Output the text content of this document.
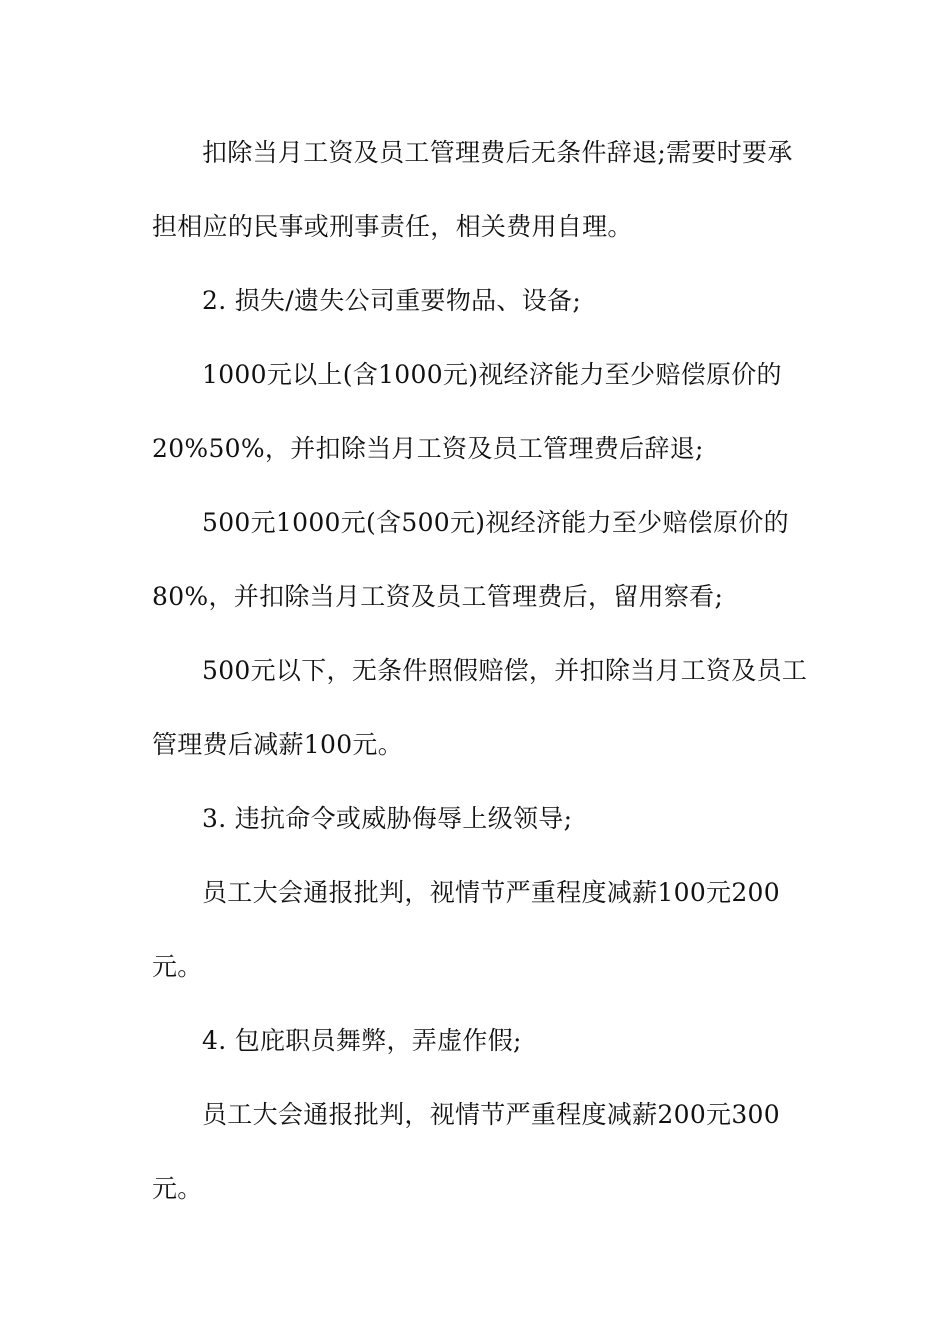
扣除当月工资及员工管理费后无条件辞退;需要时要承
担相应的民事或刑事责任，相关费用自理。
2. 损失/遗失公司重要物品、设备;
1000元以上(含1000元)视经济能力至少赔偿原价的
20%50%，并扣除当月工资及员工管理费后辞退;
500元1000元(含500元)视经济能力至少赔偿原价的
80%，并扣除当月工资及员工管理费后，留用察看;
500元以下，无条件照假赔偿，并扣除当月工资及员工
管理费后减薪100元。
3. 违抗命令或威胁侮辱上级领导;
员工大会通报批判，视情节严重程度减薪100元200
元。
4. 包庇职员舞弊，弄虚作假;
员工大会通报批判，视情节严重程度减薪200元300
元。
